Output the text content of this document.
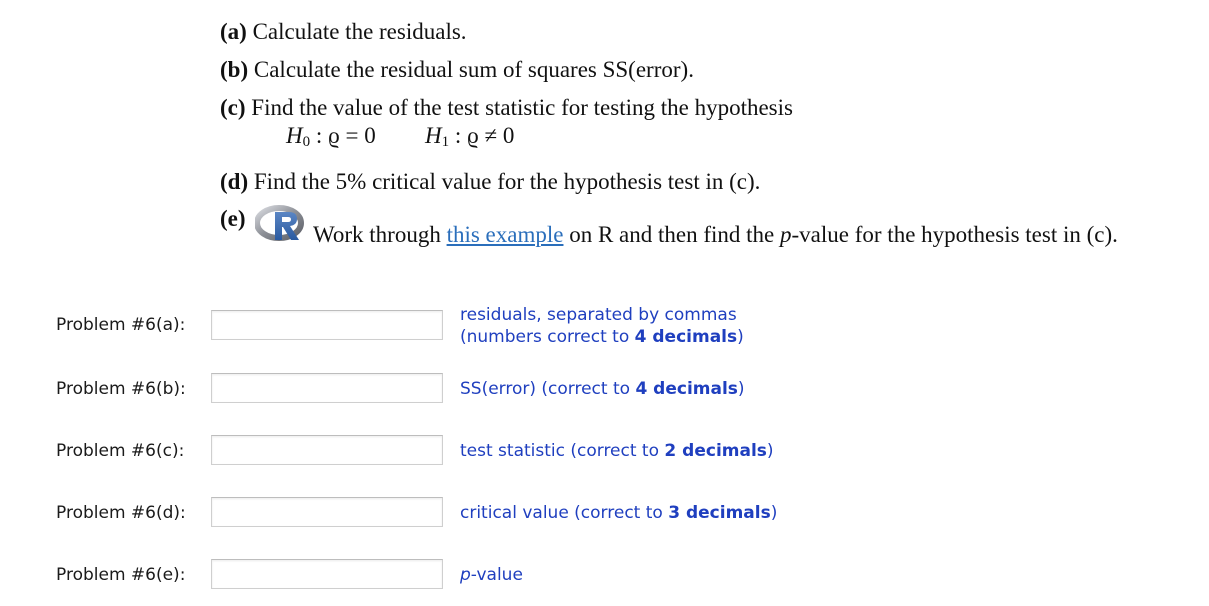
(a) Calculate the residuals.
(b) Calculate the residual sum of squares SS(error).
(c) Find the value of the test statistic for testing the hypothesis
$H_0$ : ϱ = 0 $H_1$ : ϱ ≠ 0
(d) Find the 5% critical value for the hypothesis test in (c).
(e)
Work through this example on R and then find the p-value for the hypothesis test in (c).
Problem #6(a):	residuals, separated by commas
(numbers correct to 4 decimals)
Problem #6(b):	SS(error) (correct to 4 decimals)
Problem #6(c):	test statistic (correct to 2 decimals)
Problem #6(d):	critical value (correct to 3 decimals)
Problem #6(e):	p-value
